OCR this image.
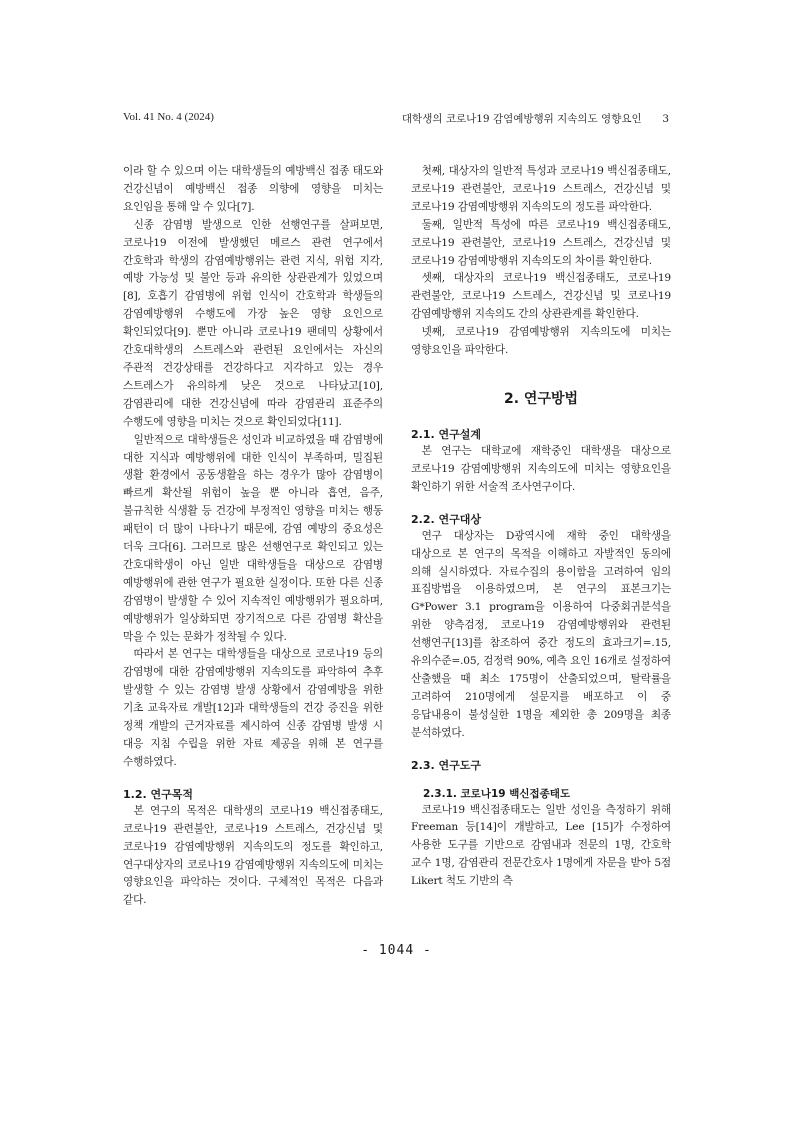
Vol. 41 No. 4 (2024)	대학생의 코로나19 감염예방행위 지속의도 영향요인 3

이라 할 수 있으며 이는 대학생들의 예방백신 접종 태도와 건강신념이 예방백신 접종 의향에 영향을 미치는 요인임을 통해 알 수 있다[7].

신종 감염병 발생으로 인한 선행연구를 살펴보면, 코로나19 이전에 발생했던 메르스 관련 연구에서 간호학과 학생의 감염예방행위는 관련 지식, 위험 지각, 예방 가능성 및 불안 등과 유의한 상관관계가 있었으며[8], 호흡기 감염병에 위험 인식이 간호학과 학생들의 감염예방행위 수행도에 가장 높은 영향 요인으로 확인되었다[9]. 뿐만 아니라 코로나19 팬데믹 상황에서 간호대학생의 스트레스와 관련된 요인에서는 자신의 주관적 건강상태를 건강하다고 지각하고 있는 경우 스트레스가 유의하게 낮은 것으로 나타났고[10], 감염관리에 대한 건강신념에 따라 감염관리 표준주의 수행도에 영향을 미치는 것으로 확인되었다[11].

일반적으로 대학생들은 성인과 비교하였을 때 감염병에 대한 지식과 예방행위에 대한 인식이 부족하며, 밀집된 생활 환경에서 공동생활을 하는 경우가 많아 감염병이 빠르게 확산될 위험이 높을 뿐 아니라 흡연, 음주, 불규칙한 식생활 등 건강에 부정적인 영향을 미치는 행동 패턴이 더 많이 나타나기 때문에, 감염 예방의 중요성은 더욱 크다[6]. 그러므로 많은 선행연구로 확인되고 있는 간호대학생이 아닌 일반 대학생들을 대상으로 감염병 예방행위에 관한 연구가 필요한 실정이다. 또한 다른 신종 감염병이 발생할 수 있어 지속적인 예방행위가 필요하며, 예방행위가 일상화되면 장기적으로 다른 감염병 확산을 막을 수 있는 문화가 정착될 수 있다.

따라서 본 연구는 대학생들을 대상으로 코로나19 등의 감염병에 대한 감염예방행위 지속의도를 파악하여 추후 발생할 수 있는 감염병 발생 상황에서 감염예방을 위한 기초 교육자료 개발[12]과 대학생들의 건강 증진을 위한 정책 개발의 근거자료를 제시하여 신종 감염병 발생 시 대응 지침 수립을 위한 자료 제공을 위해 본 연구를 수행하였다.

1.2. 연구목적

본 연구의 목적은 대학생의 코로나19 백신접종태도, 코로나19 관련불안, 코로나19 스트레스, 건강신념 및 코로나19 감염예방행위 지속의도의 정도를 확인하고, 연구대상자의 코로나19 감염예방행위 지속의도에 미치는 영향요인을 파악하는 것이다. 구체적인 목적은 다음과 같다.

첫째, 대상자의 일반적 특성과 코로나19 백신접종태도, 코로나19 관련불안, 코로나19 스트레스, 건강신념 및 코로나19 감염예방행위 지속의도의 정도를 파악한다.

둘째, 일반적 특성에 따른 코로나19 백신접종태도, 코로나19 관련불안, 코로나19 스트레스, 건강신념 및 코로나19 감염예방행위 지속의도의 차이를 확인한다.

셋째, 대상자의 코로나19 백신접종태도, 코로나19 관련불안, 코로나19 스트레스, 건강신념 및 코로나19 감염예방행위 지속의도 간의 상관관계를 확인한다.

넷째, 코로나19 감염예방행위 지속의도에 미치는 영향요인을 파악한다.

2. 연구방법
2.1. 연구설계

본 연구는 대학교에 재학중인 대학생을 대상으로 코로나19 감염예방행위 지속의도에 미치는 영향요인을 확인하기 위한 서술적 조사연구이다.

2.2. 연구대상

연구 대상자는 D광역시에 재학 중인 대학생을 대상으로 본 연구의 목적을 이해하고 자발적인 동의에 의해 실시하였다. 자료수집의 용이함을 고려하여 임의 표집방법을 이용하였으며, 본 연구의 표본크기는 G*Power 3.1 program을 이용하여 다중회귀분석을 위한 양측검정, 코로나19 감염예방행위와 관련된 선행연구[13]를 참조하여 중간 정도의 효과크기=.15, 유의수준=.05, 검정력 90%, 예측 요인 16개로 설정하여 산출했을 때 최소 175명이 산출되었으며, 탈락률을 고려하여 210명에게 설문지를 배포하고 이 중 응답내용이 불성실한 1명을 제외한 총 209명을 최종 분석하였다.

2.3. 연구도구
2.3.1. 코로나19 백신접종태도

코로나19 백신접종태도는 일반 성인을 측정하기 위해 Freeman 등[14]이 개발하고, Lee [15]가 수정하여 사용한 도구를 기반으로 감염내과 전문의 1명, 간호학 교수 1명, 감염관리 전문간호사 1명에게 자문을 받아 5점 Likert 척도 기반의 측

- 1044 -
